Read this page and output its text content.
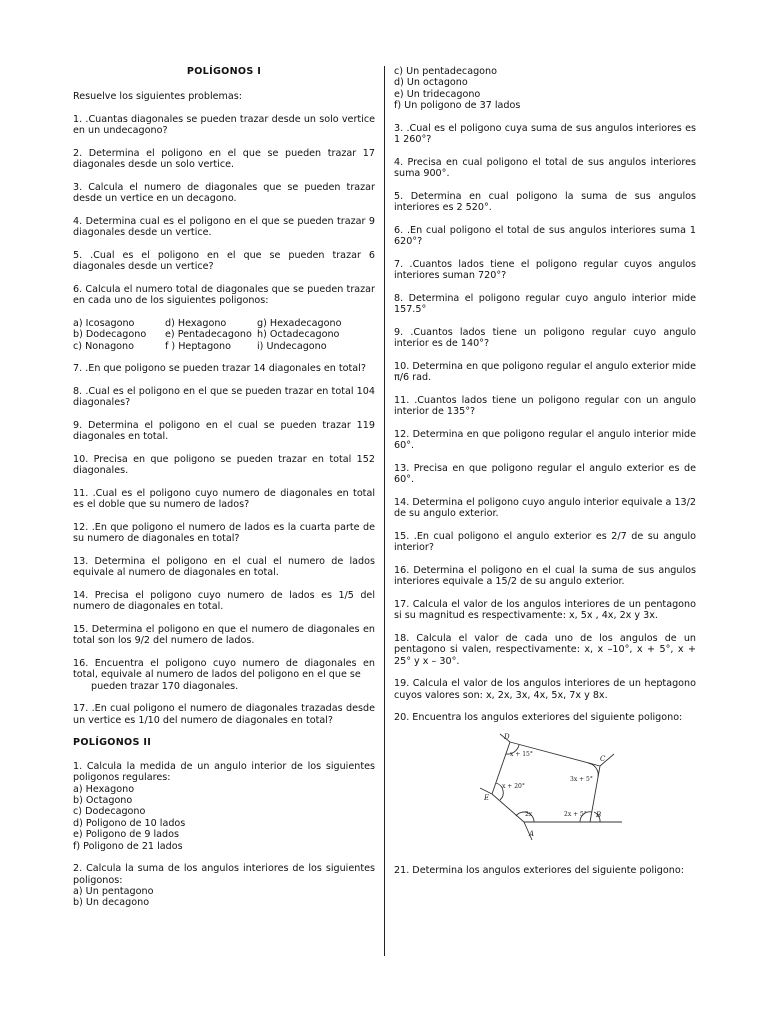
POLÍGONOS I

Resuelve los siguientes problemas:

1. .Cuantas diagonales se pueden trazar desde un solo vertice en un undecagono?

2. Determina el poligono en el que se pueden trazar 17 diagonales desde un solo vertice.

3. Calcula el numero de diagonales que se pueden trazar desde un vertice en un decagono.

4. Determina cual es el poligono en el que se pueden trazar 9 diagonales desde un vertice.

5. .Cual es el poligono en el que se pueden trazar 6 diagonales desde un vertice?

6. Calcula el numero total de diagonales que se pueden trazar en cada uno de los siguientes poligonos:

a) Icosagono	d) Hexagono	g) Hexadecagono
b) Dodecagono	e) Pentadecagono h) Octadecagono
c) Nonagono	f ) Heptagono	i) Undecagono

7. .En que poligono se pueden trazar 14 diagonales en total?

8. .Cual es el poligono en el que se pueden trazar en total 104 diagonales?

9. Determina el poligono en el cual se pueden trazar 119 diagonales en total.

10. Precisa en que poligono se pueden trazar en total 152 diagonales.

11. .Cual es el poligono cuyo numero de diagonales en total es el doble que su numero de lados?

12. .En que poligono el numero de lados es la cuarta parte de su numero de diagonales en total?

13. Determina el poligono en el cual el numero de lados equivale al numero de diagonales en total.

14. Precisa el poligono cuyo numero de lados es 1/5 del numero de diagonales en total.

15. Determina el poligono en que el numero de diagonales en total son los 9/2 del numero de lados.

16. Encuentra el poligono cuyo numero de diagonales en total, equivale al numero de lados del poligono en el que se

pueden trazar 170 diagonales.

17. .En cual poligono el numero de diagonales trazadas desde un vertice es 1/10 del numero de diagonales en total?

POLÍGONOS II

1. Calcula la medida de un angulo interior de los siguientes poligonos regulares:

a) Hexagono
b) Octagono
c) Dodecagono
d) Poligono de 10 lados
e) Poligono de 9 lados
f) Poligono de 21 lados

2. Calcula la suma de los angulos interiores de los siguientes poligonos:

a) Un pentagono
b) Un decagono
c) Un pentadecagono
d) Un octagono
e) Un tridecagono
f) Un poligono de 37 lados

3. .Cual es el poligono cuya suma de sus angulos interiores es 1 260°?

4. Precisa en cual poligono el total de sus angulos interiores suma 900°.

5. Determina en cual poligono la suma de sus angulos interiores es 2 520°.

6. .En cual poligono el total de sus angulos interiores suma 1 620°?

7. .Cuantos lados tiene el poligono regular cuyos angulos interiores suman 720°?

8. Determina el poligono regular cuyo angulo interior mide 157.5°

9. .Cuantos lados tiene un poligono regular cuyo angulo interior es de 140°?

10. Determina en que poligono regular el angulo exterior mide π/6 rad.

11. .Cuantos lados tiene un poligono regular con un angulo interior de 135°?

12. Determina en que poligono regular el angulo interior mide 60°.

13. Precisa en que poligono regular el angulo exterior es de 60°.

14. Determina el poligono cuyo angulo interior equivale a 13/2 de su angulo exterior.

15. .En cual poligono el angulo exterior es 2/7 de su angulo interior?

16. Determina el poligono en el cual la suma de sus angulos interiores equivale a 15/2 de su angulo exterior.

17. Calcula el valor de los angulos interiores de un pentagono si su magnitud es respectivamente: x, 5x , 4x, 2x y 3x.

18. Calcula el valor de cada uno de los angulos de un pentagono si valen, respectivamente: x, x –10°, x + 5°, x + 25° y x – 30°.

19. Calcula el valor de los angulos interiores de un heptagono cuyos valores son: x, 2x, 3x, 4x, 5x, 7x y 8x.

20. Encuentra los angulos exteriores del siguiente poligono:

D
C
E
B
A
x + 15°
3x + 5°
x + 20°
2x	2x + 5°

21. Determina los angulos exteriores del siguiente poligono:
